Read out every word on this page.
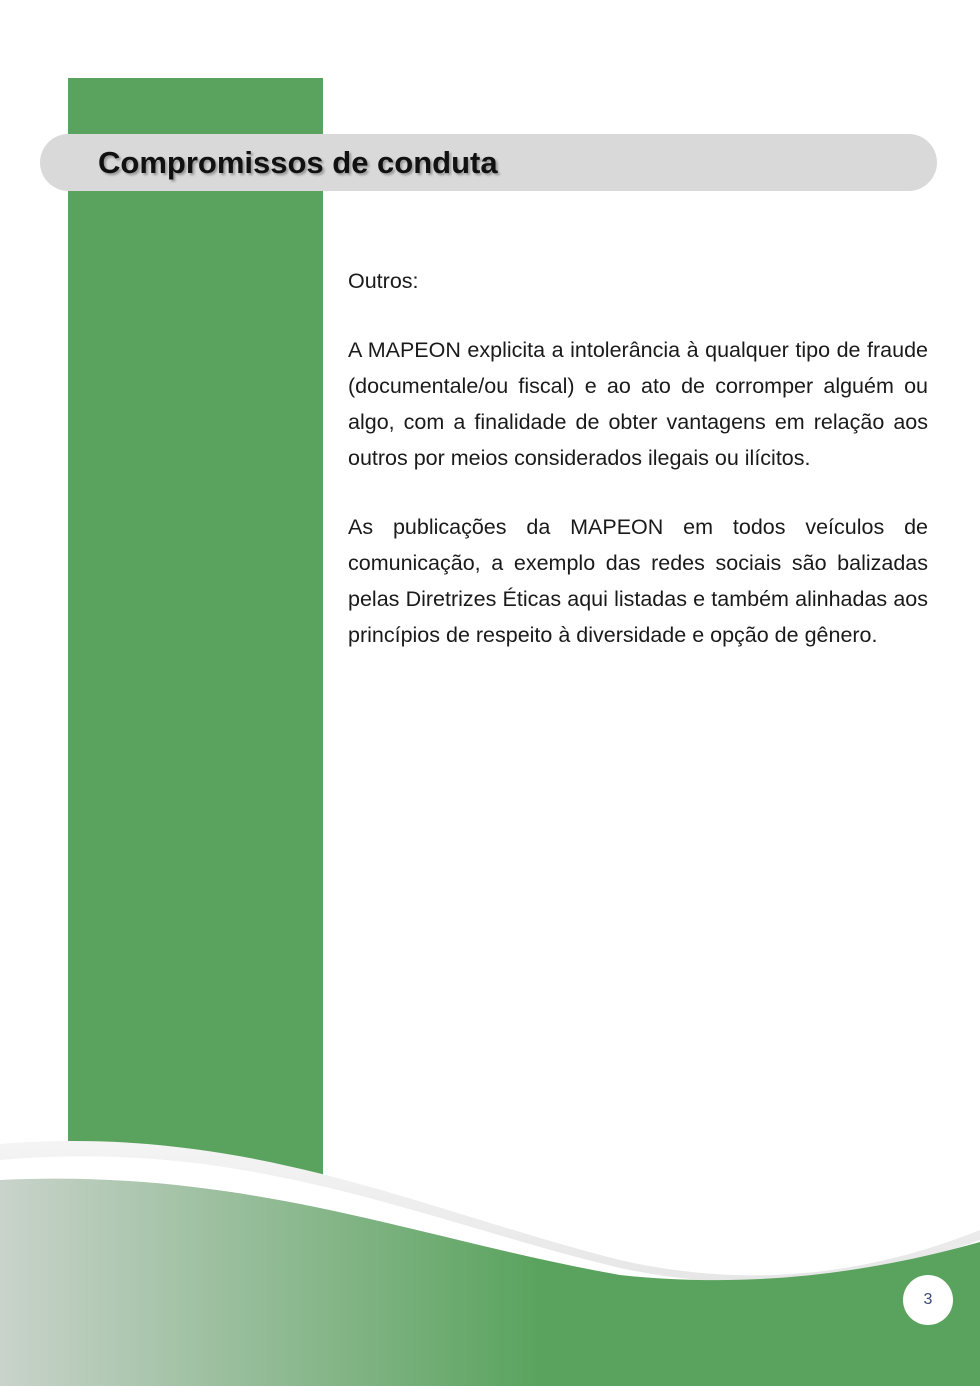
Compromissos de conduta

Outros:

A MAPEON explicita a intolerância à qualquer tipo de fraude (documentale/ou fiscal) e ao ato de corromper alguém ou algo, com a finalidade de obter vantagens em relação aos outros por meios considerados ilegais ou ilícitos.

As publicações da MAPEON em todos veículos de comunicação, a exemplo das redes sociais são balizadas pelas Diretrizes Éticas aqui listadas e também alinhadas aos princípios de respeito à diversidade e opção de gênero.

3
